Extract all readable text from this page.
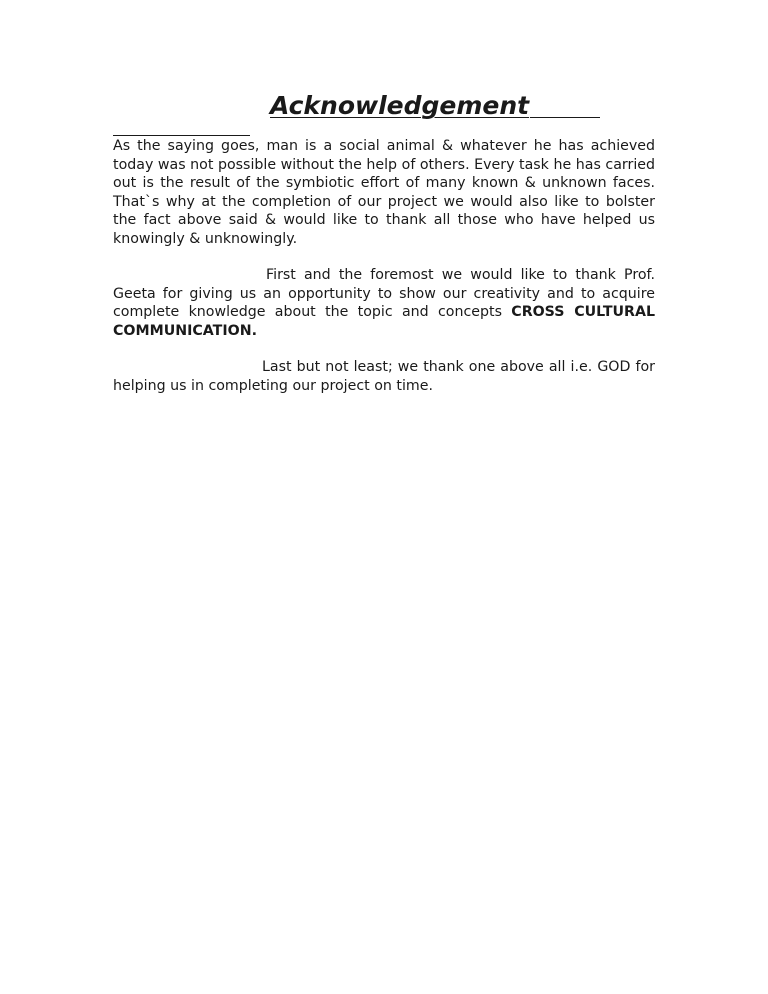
Acknowledgement

As the saying goes, man is a social animal & whatever he has achieved today was not possible without the help of others. Every task he has carried out is the result of the symbiotic effort of many known & unknown faces. That`s why at the completion of our project we would also like to bolster the fact above said & would like to thank all those who have helped us knowingly & unknowingly.

First and the foremost we would like to thank Prof. Geeta for giving us an opportunity to show our creativity and to acquire complete knowledge about the topic and concepts CROSS CULTURAL COMMUNICATION.

Last but not least; we thank one above all i.e. GOD for helping us in completing our project on time.
